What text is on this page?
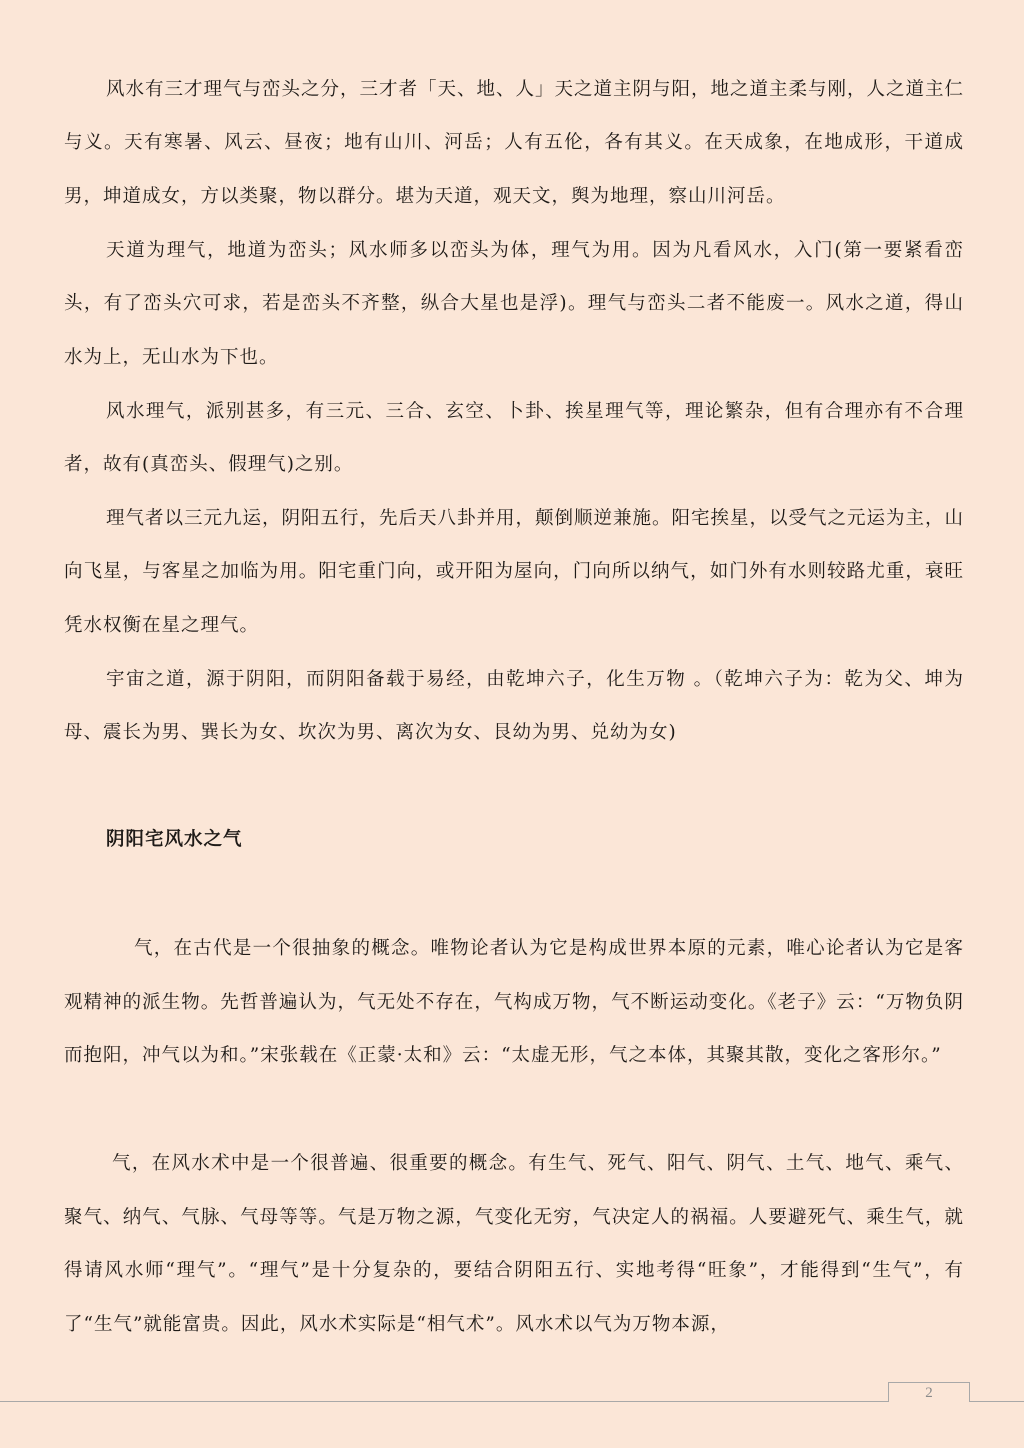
风水有三才理气与峦头之分，三才者「天、地、人」天之道主阴与阳，地之道主柔与刚，人之道主仁与义。天有寒暑、风云、昼夜；地有山川、河岳；人有五伦，各有其义。在天成象，在地成形，干道成男，坤道成女，方以类聚，物以群分。堪为天道，观天文，舆为地理，察山川河岳。

天道为理气，地道为峦头；风水师多以峦头为体，理气为用。因为凡看风水，入门(第一要紧看峦头，有了峦头穴可求，若是峦头不齐整，纵合大星也是浮)。理气与峦头二者不能废一。风水之道，得山水为上，无山水为下也。

风水理气，派别甚多，有三元、三合、玄空、卜卦、挨星理气等，理论繁杂，但有合理亦有不合理者，故有(真峦头、假理气)之别。

理气者以三元九运，阴阳五行，先后天八卦并用，颠倒顺逆兼施。阳宅挨星，以受气之元运为主，山向飞星，与客星之加临为用。阳宅重门向，或开阳为屋向，门向所以纳气，如门外有水则较路尤重，衰旺凭水权衡在星之理气。

宇宙之道，源于阴阳，而阴阳备载于易经，由乾坤六子，化生万物 。（乾坤六子为：乾为父、坤为母、震长为男、巽长为女、坎次为男、离次为女、艮幼为男、兑幼为女)

阴阳宅风水之气

气，在古代是一个很抽象的概念。唯物论者认为它是构成世界本原的元素，唯心论者认为它是客观精神的派生物。先哲普遍认为，气无处不存在，气构成万物，气不断运动变化。《老子》云：“万物负阴而抱阳，冲气以为和。”宋张载在《正蒙·太和》云：“太虚无形，气之本体，其聚其散，变化之客形尔。”

气，在风水术中是一个很普遍、很重要的概念。有生气、死气、阳气、阴气、土气、地气、乘气、聚气、纳气、气脉、气母等等。气是万物之源，气变化无穷，气决定人的祸福。人要避死气、乘生气，就得请风水师“理气”。“理气”是十分复杂的，要结合阴阳五行、实地考得“旺象”，才能得到“生气”，有了“生气”就能富贵。因此，风水术实际是“相气术”。风水术以气为万物本源，

2
